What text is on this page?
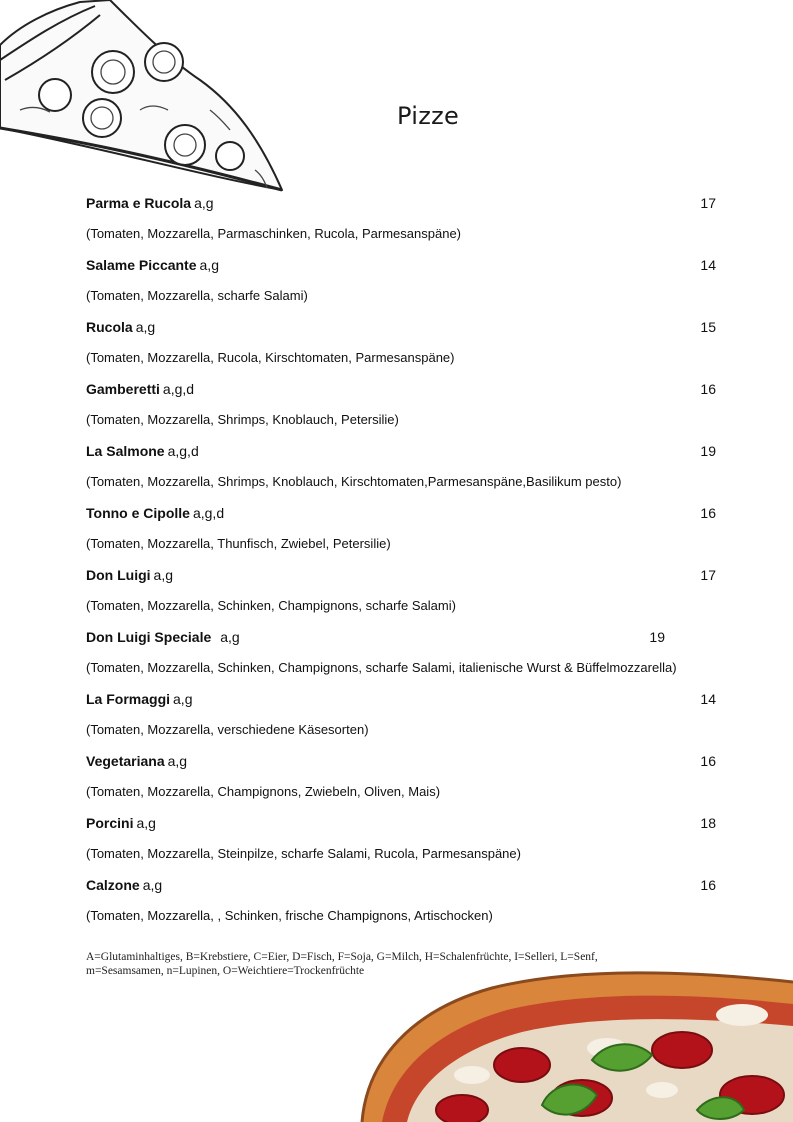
Pizze
Parma e Rucola a,g	17
(Tomaten, Mozzarella, Parmaschinken, Rucola, Parmesanspäne)
Salame Piccante a,g	14
(Tomaten, Mozzarella, scharfe Salami)
Rucola a,g	15
(Tomaten, Mozzarella, Rucola, Kirschtomaten, Parmesanspäne)
Gamberetti a,g,d	16
(Tomaten, Mozzarella, Shrimps, Knoblauch, Petersilie)
La Salmone a,g,d	19
(Tomaten, Mozzarella, Shrimps, Knoblauch, Kirschtomaten,Parmesanspäne,Basilikum pesto)
Tonno e Cipolle a,g,d	16
(Tomaten, Mozzarella, Thunfisch, Zwiebel, Petersilie)
Don Luigi a,g	17
(Tomaten, Mozzarella, Schinken, Champignons, scharfe Salami)
Don Luigi Speciale a,g	19
(Tomaten, Mozzarella, Schinken, Champignons, scharfe Salami, italienische Wurst & Büffelmozzarella)
La Formaggi a,g	14
(Tomaten, Mozzarella, verschiedene Käsesorten)
Vegetariana a,g	16
(Tomaten, Mozzarella, Champignons, Zwiebeln, Oliven, Mais)
Porcini a,g	18
(Tomaten, Mozzarella, Steinpilze, scharfe Salami, Rucola, Parmesanspäne)
Calzone a,g	16
(Tomaten, Mozzarella, , Schinken, frische Champignons, Artischocken)
A=Glutaminhaltiges, B=Krebstiere, C=Eier, D=Fisch, F=Soja, G=Milch, H=Schalenfrüchte, I=Selleri, L=Senf,
m=Sesamsamen, n=Lupinen, O=Weichtiere=Trockenfrüchte
